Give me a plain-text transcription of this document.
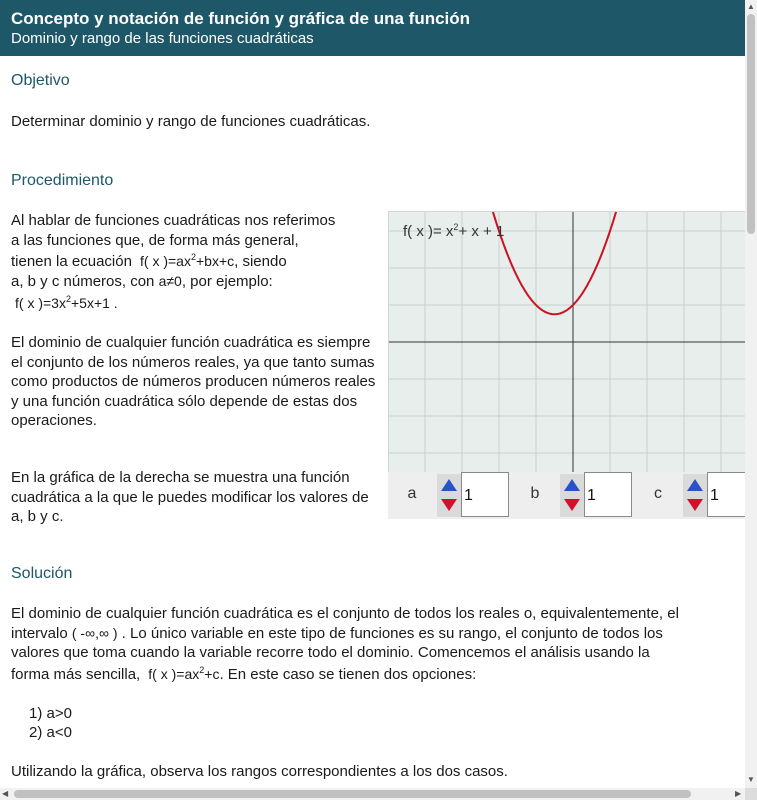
Concepto y notación de función y gráfica de una función
Dominio y rango de las funciones cuadráticas
Objetivo

Determinar dominio y rango de funciones cuadráticas.

Procedimiento

Al hablar de funciones cuadráticas nos referimos

a las funciones que, de forma más general,

tienen la ecuación f( x )$=ax^2+bx+c$, siendo

a, b y c números, con a≠0, por ejemplo:

f( x )$=3x^2+5x+1$ .

El dominio de cualquier función cuadrática es siempre el conjunto de los números reales, ya que tanto sumas como productos de números producen números reales y una función cuadrática sólo depende de estas dos operaciones.

En la gráfica de la derecha se muestra una función cuadrática a la que le puedes modificar los valores de a, b y c.

f( x )= $x^2+ x + 1$
a	1	b	1	c	1
Solución

El dominio de cualquier función cuadrática es el conjunto de todos los reales o, equivalentemente, el

intervalo ( -∞,∞ ) . Lo único variable en este tipo de funciones es su rango, el conjunto de todos los

valores que toma cuando la variable recorre todo el dominio. Comencemos el análisis usando la

forma más sencilla, f( x )$=ax^2+c$. En este caso se tienen dos opciones:

1) a>0

2) a<0

Utilizando la gráfica, observa los rangos correspondientes a los dos casos.

▲
▼
◀	▶
